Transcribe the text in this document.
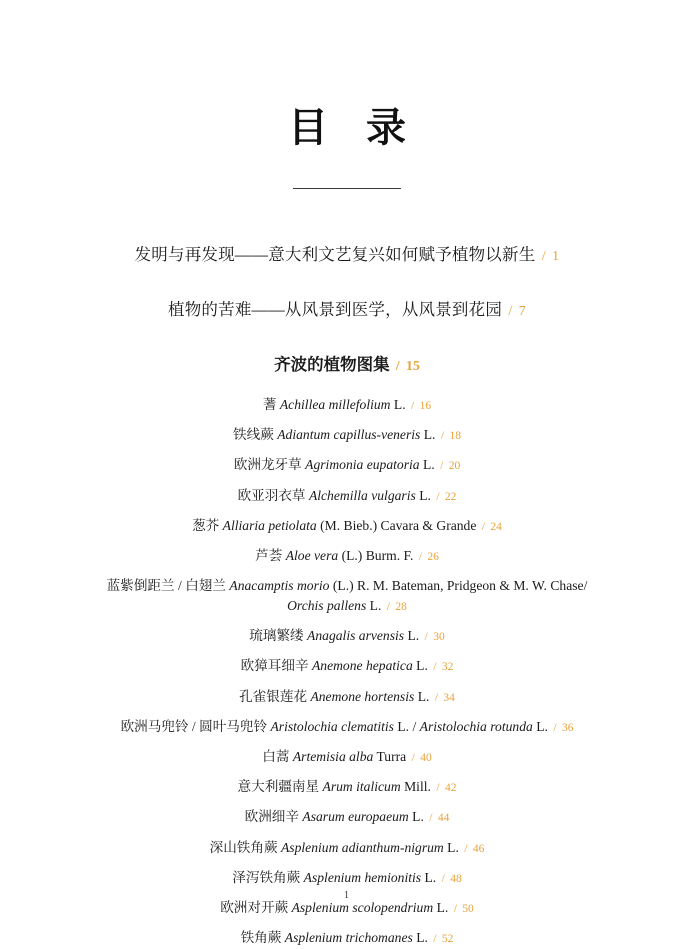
目 录
发明与再发现——意大利文艺复兴如何赋予植物以新生 / 1
植物的苦难——从风景到医学，从风景到花园 / 7
齐波的植物图集 / 15
蓍 Achillea millefolium L. / 16
铁线蕨 Adiantum capillus-veneris L. / 18
欧洲龙牙草 Agrimonia eupatoria L. / 20
欧亚羽衣草 Alchemilla vulgaris L. / 22
葱芥 Alliaria petiolata (M. Bieb.) Cavara & Grande / 24
芦荟 Aloe vera (L.) Burm. F. / 26
蓝紫倒距兰 / 白翅兰 Anacamptis morio (L.) R. M. Bateman, Pridgeon & M. W. Chase/
Orchis pallens L. / 28
琉璃繁缕 Anagalis arvensis L. / 30
欧獐耳细辛 Anemone hepatica L. / 32
孔雀银莲花 Anemone hortensis L. / 34
欧洲马兜铃 / 圆叶马兜铃 Aristolochia clematitis L. / Aristolochia rotunda L. / 36
白蒿 Artemisia alba Turra / 40
意大利疆南星 Arum italicum Mill. / 42
欧洲细辛 Asarum europaeum L. / 44
深山铁角蕨 Asplenium adianthum-nigrum L. / 46
泽泻铁角蕨 Asplenium hemionitis L. / 48
欧洲对开蕨 Asplenium scolopendrium L. / 50
铁角蕨 Asplenium trichomanes L. / 52
1
